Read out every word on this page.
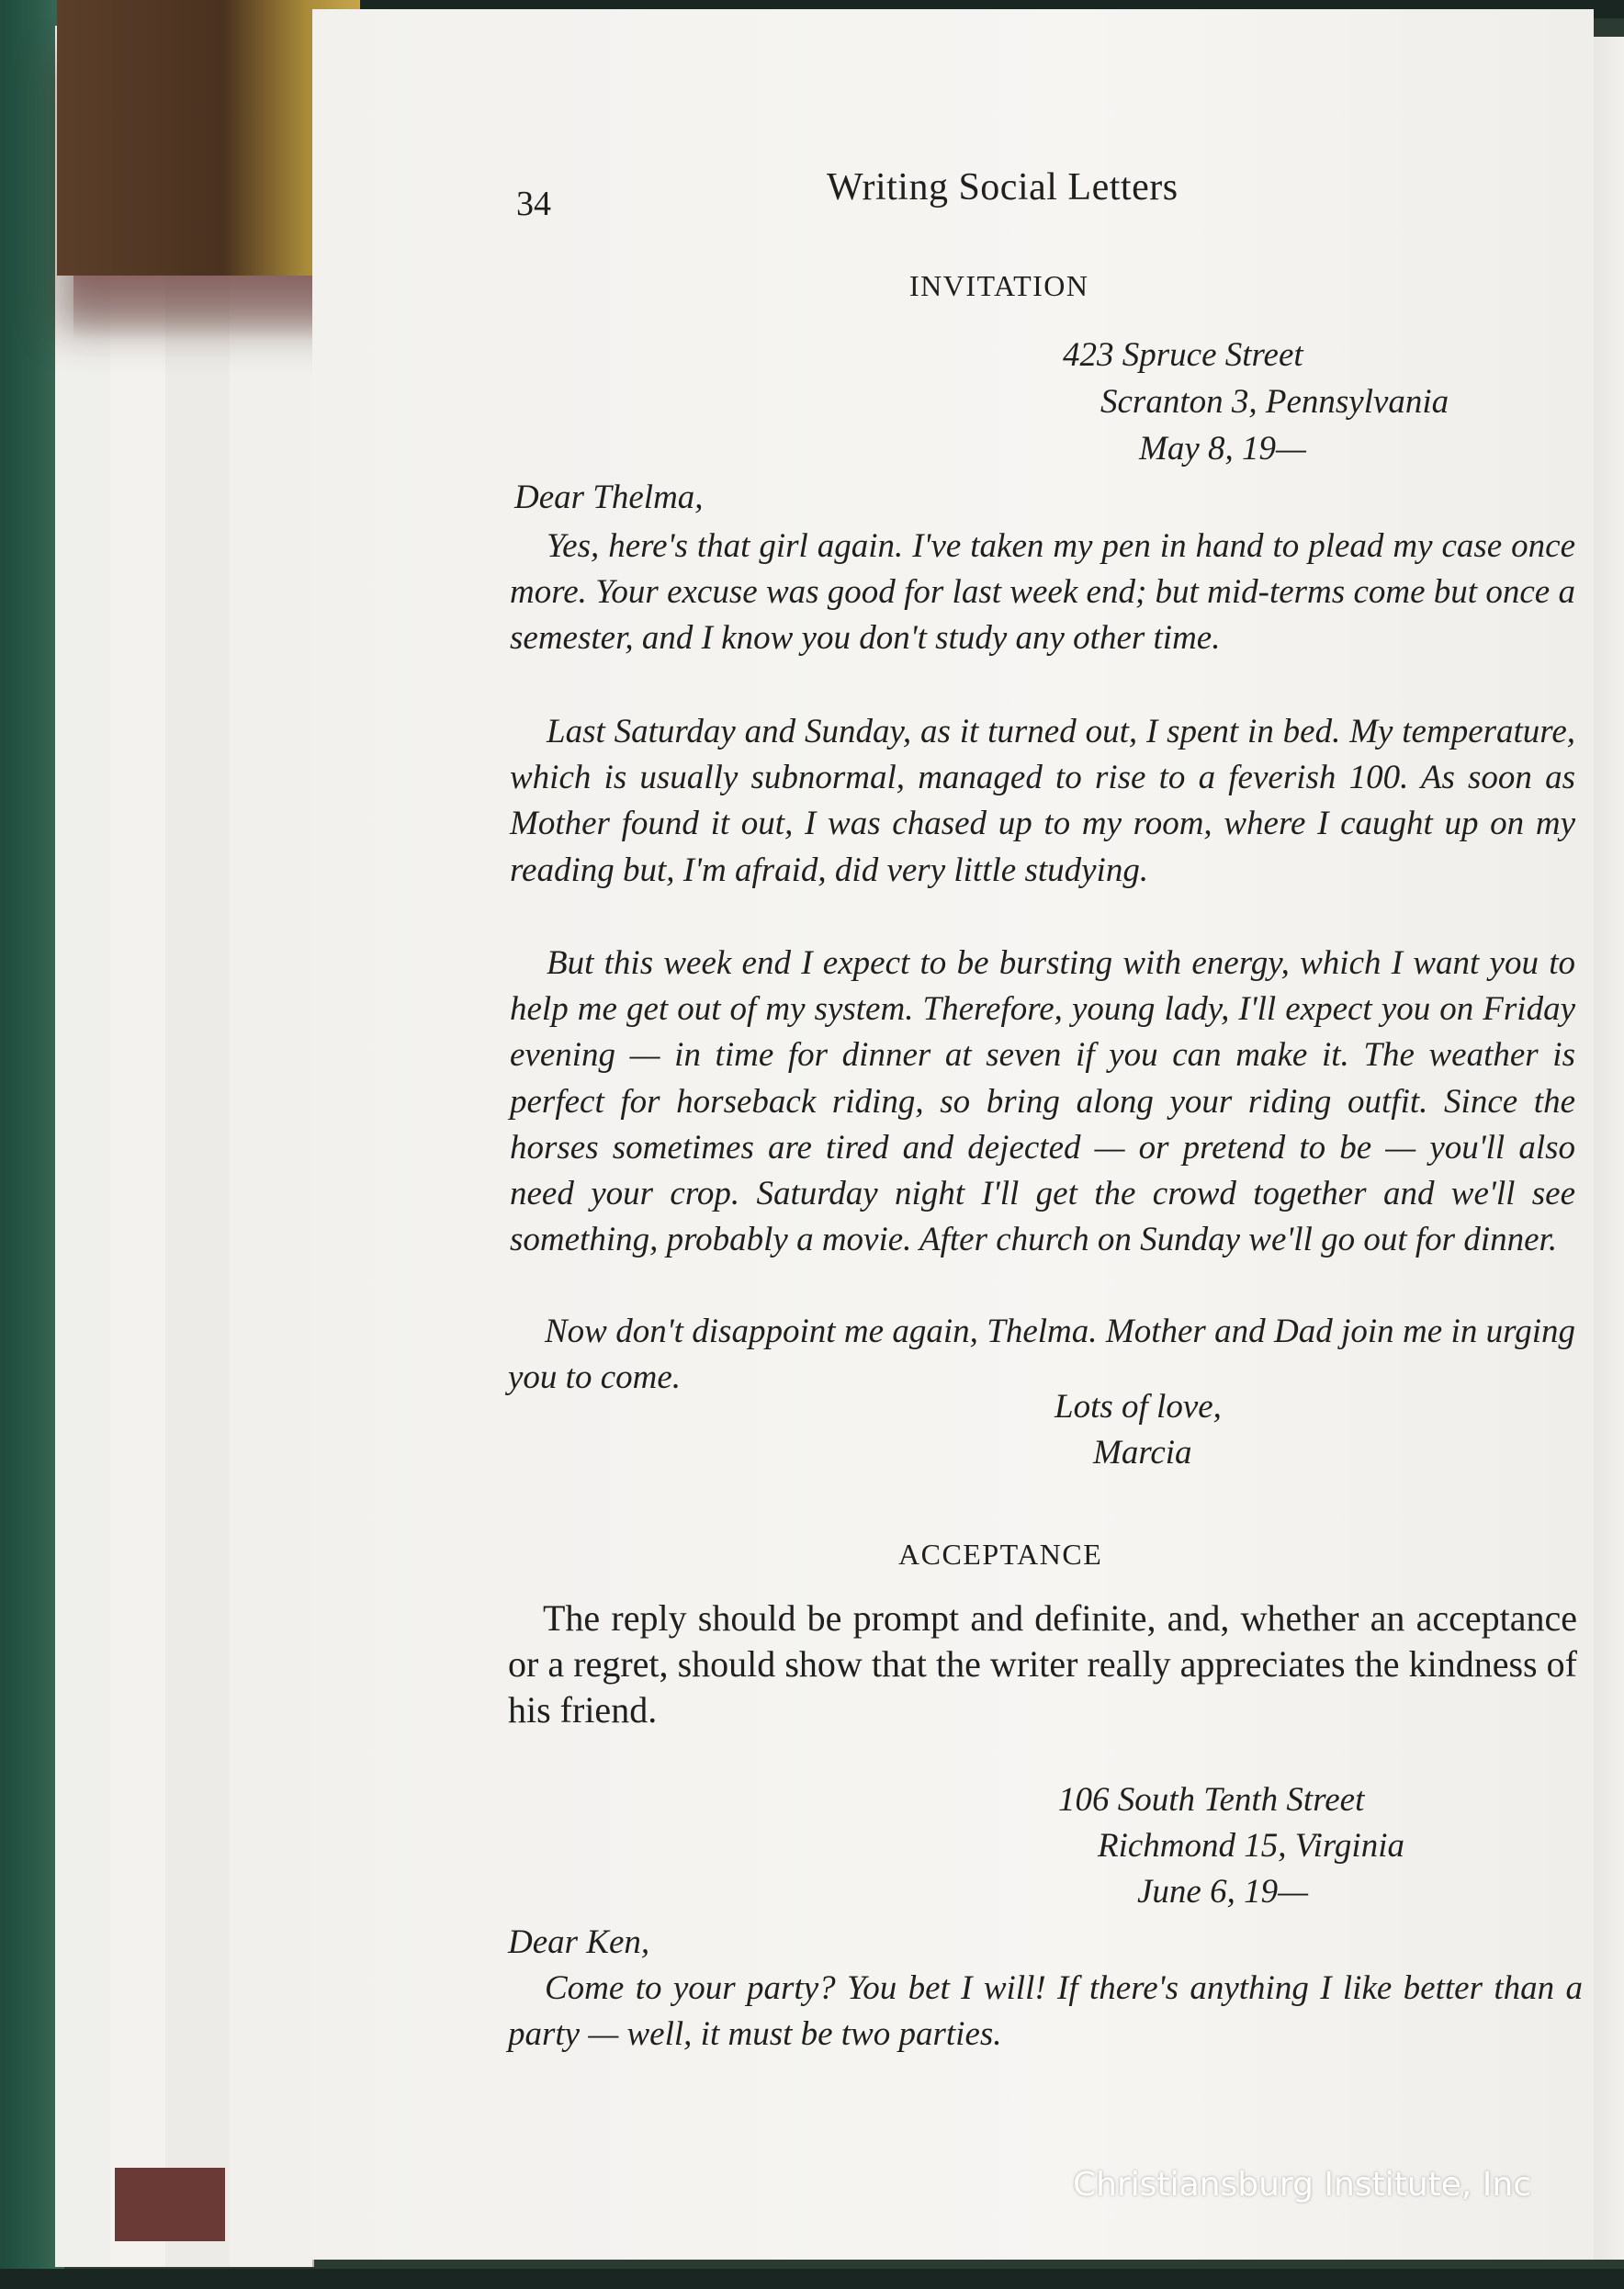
34	Writing Social Letters
INVITATION
423 Spruce Street
Scranton 3, Pennsylvania
May 8, 19—
Dear Thelma,
Yes, here's that girl again. I've taken my pen in hand to plead my case once more. Your excuse was good for last week end; but mid-terms come but once a semester, and I know you don't study any other time.
Last Saturday and Sunday, as it turned out, I spent in bed. My temperature, which is usually subnormal, managed to rise to a feverish 100. As soon as Mother found it out, I was chased up to my room, where I caught up on my reading but, I'm afraid, did very little studying.
But this week end I expect to be bursting with energy, which I want you to help me get out of my system. Therefore, young lady, I'll expect you on Friday evening — in time for dinner at seven if you can make it. The weather is perfect for horseback riding, so bring along your riding outfit. Since the horses sometimes are tired and dejected — or pretend to be — you'll also need your crop. Saturday night I'll get the crowd together and we'll see something, probably a movie. After church on Sunday we'll go out for dinner.
Now don't disappoint me again, Thelma. Mother and Dad join me in urging you to come.
Lots of love,
Marcia
ACCEPTANCE
The reply should be prompt and definite, and, whether an acceptance or a regret, should show that the writer really appreciates the kindness of his friend.
106 South Tenth Street
Richmond 15, Virginia
June 6, 19—
Dear Ken,
Come to your party? You bet I will! If there's anything I like better than a party — well, it must be two parties.
Christiansburg Institute, Inc
